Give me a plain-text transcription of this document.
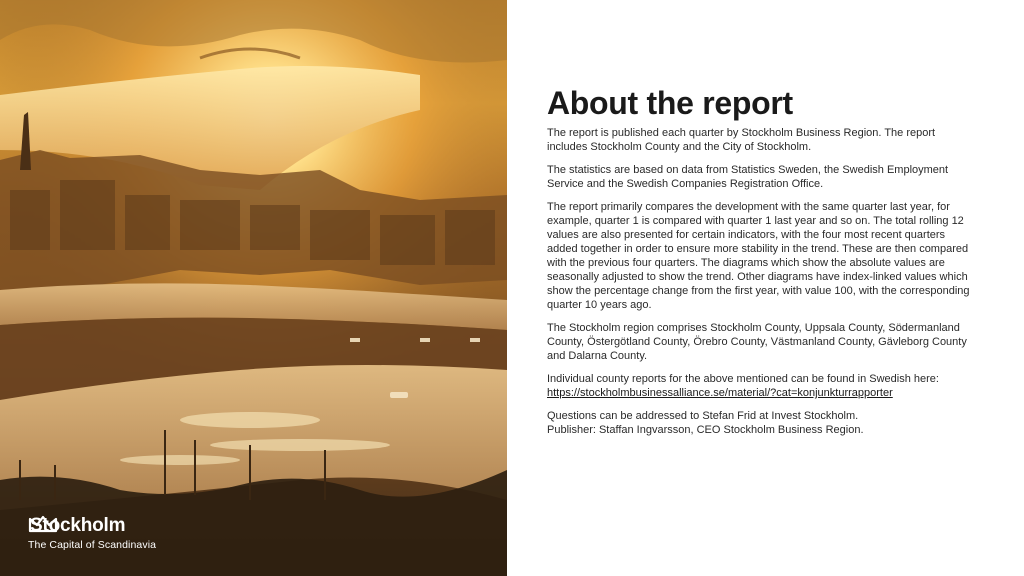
Stockholm
The Capital of Scandinavia
About the report

The report is published each quarter by Stockholm Business Region. The report includes Stockholm County and the City of Stockholm.

The statistics are based on data from Statistics Sweden, the Swedish Employment Service and the Swedish Companies Registration Office.

The report primarily compares the development with the same quarter last year, for example, quarter 1 is compared with quarter 1 last year and so on. The total rolling 12 values are also presented for certain indicators, with the four most recent quarters added together in order to ensure more stability in the trend. These are then compared with the previous four quarters. The diagrams which show the absolute values are seasonally adjusted to show the trend. Other diagrams have index-linked values which show the percentage change from the first year, with value 100, with the corresponding quarter 10 years ago.

The Stockholm region comprises Stockholm County, Uppsala County, Södermanland County, Östergötland County, Örebro County, Västmanland County, Gävleborg County and Dalarna County.

Individual county reports for the above mentioned can be found in Swedish here:
https://stockholmbusinessalliance.se/material/?cat=konjunkturrapporter

Questions can be addressed to Stefan Frid at Invest Stockholm.
Publisher: Staffan Ingvarsson, CEO Stockholm Business Region.
